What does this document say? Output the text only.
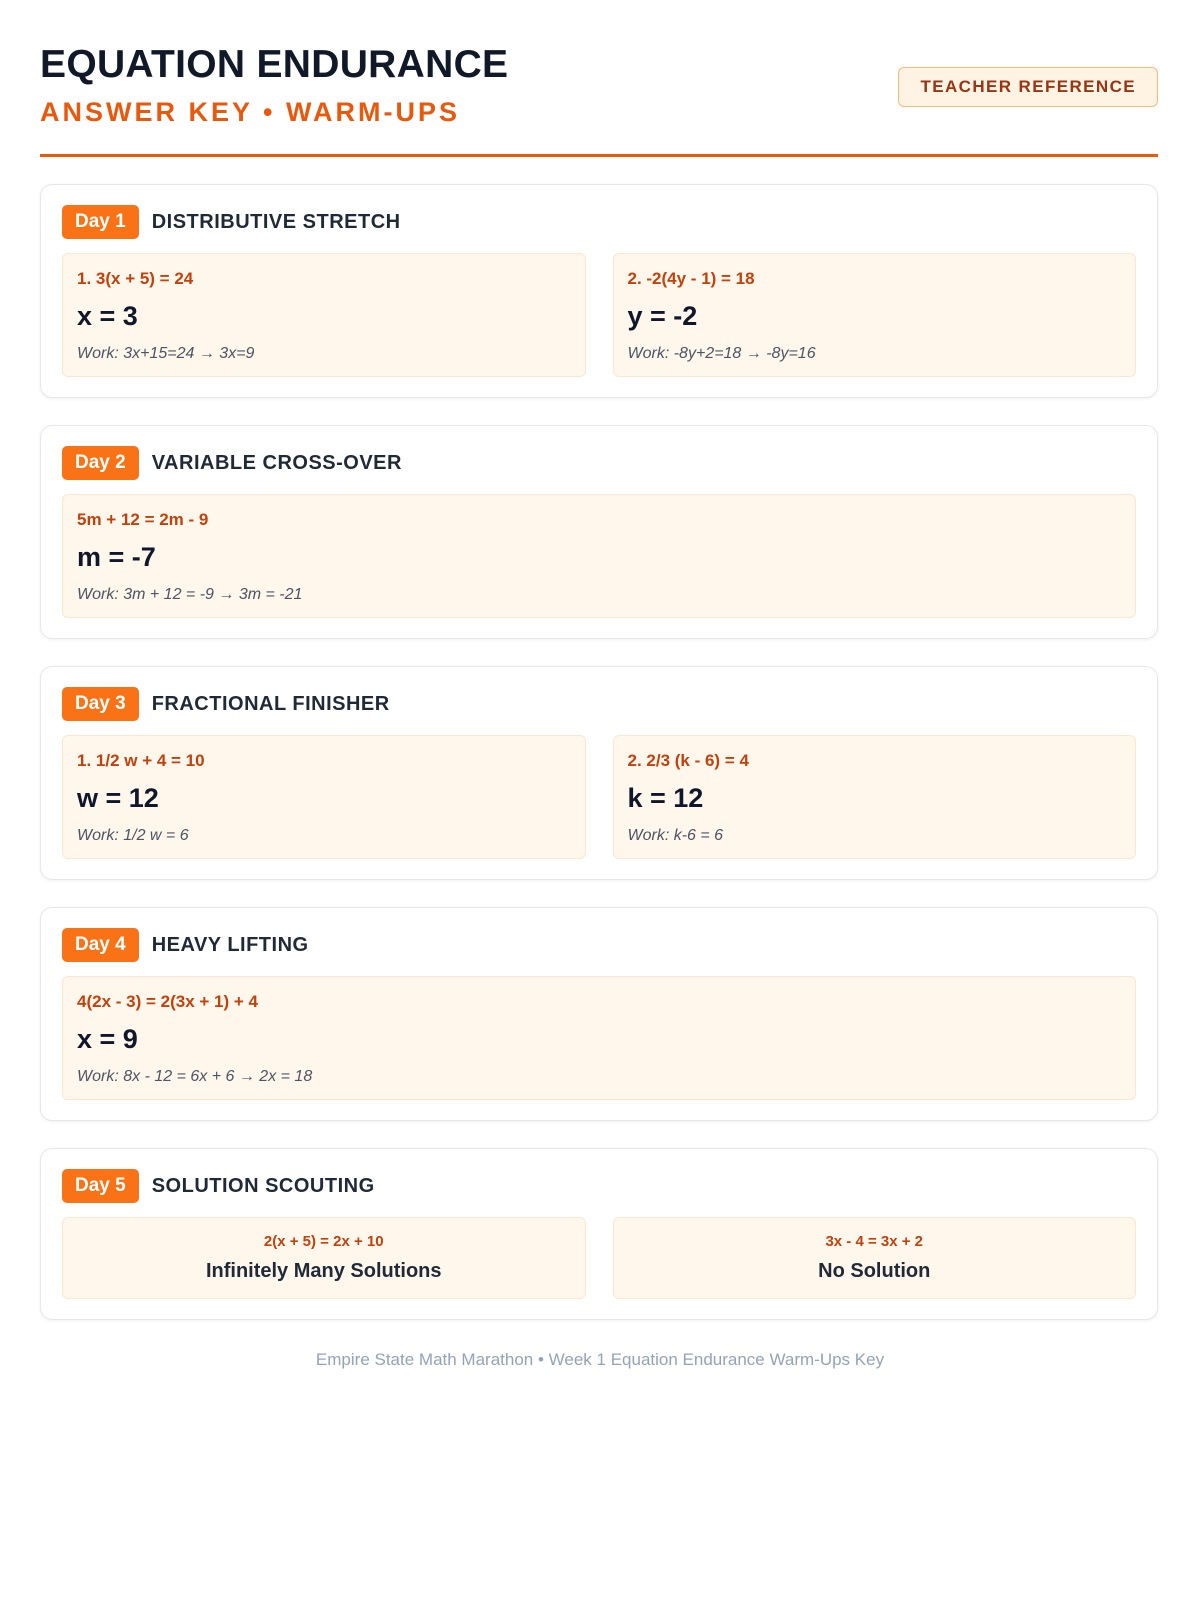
EQUATION ENDURANCE
ANSWER KEY • WARM-UPS
TEACHER REFERENCE
Day 1	DISTRIBUTIVE STRETCH
1. 3(x + 5) = 24
x = 3
Work: 3x+15=24 → 3x=9
2. -2(4y - 1) = 18
y = -2
Work: -8y+2=18 → -8y=16
Day 2	VARIABLE CROSS-OVER
5m + 12 = 2m - 9
m = -7
Work: 3m + 12 = -9 → 3m = -21
Day 3	FRACTIONAL FINISHER
1. 1/2 w + 4 = 10
w = 12
Work: 1/2 w = 6
2. 2/3 (k - 6) = 4
k = 12
Work: k-6 = 6
Day 4	HEAVY LIFTING
4(2x - 3) = 2(3x + 1) + 4
x = 9
Work: 8x - 12 = 6x + 6 → 2x = 18
Day 5	SOLUTION SCOUTING
2(x + 5) = 2x + 10
Infinitely Many Solutions
3x - 4 = 3x + 2
No Solution
Empire State Math Marathon • Week 1 Equation Endurance Warm-Ups Key
